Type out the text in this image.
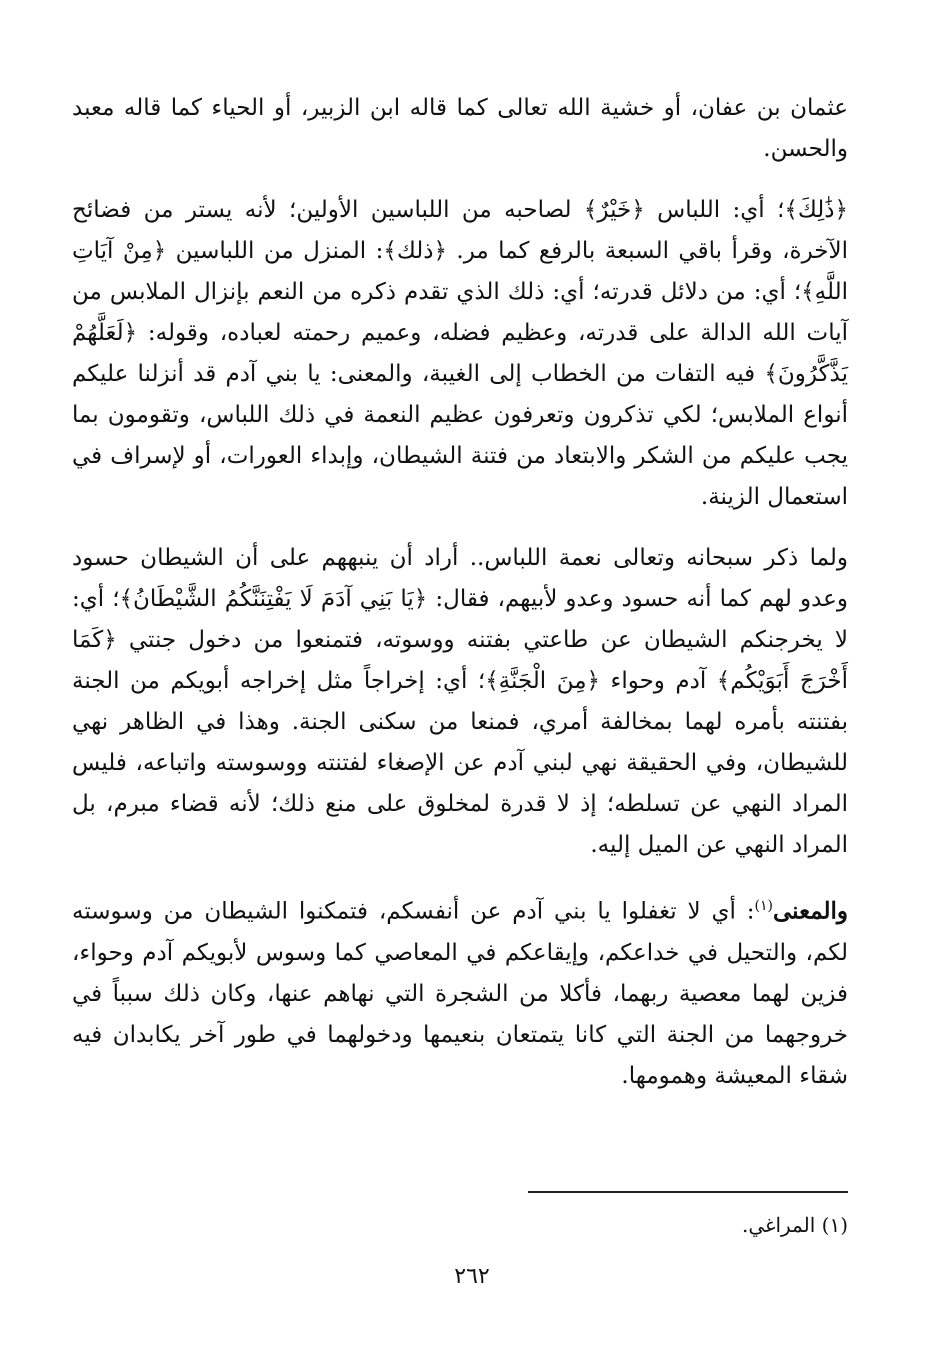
عثمان بن عفان، أو خشية الله تعالى كما قاله ابن الزبير، أو الحياء كما قاله معبد والحسن.

﴿ذَٰلِكَ﴾؛ أي: اللباس ﴿خَيْرٌ﴾ لصاحبه من اللباسين الأولين؛ لأنه يستر من فضائح الآخرة، وقرأ باقي السبعة بالرفع كما مر. ﴿ذلك﴾: المنزل من اللباسين ﴿مِنْ آيَاتِ اللَّهِ﴾؛ أي: من دلائل قدرته؛ أي: ذلك الذي تقدم ذكره من النعم بإنزال الملابس من آيات الله الدالة على قدرته، وعظيم فضله، وعميم رحمته لعباده، وقوله: ﴿لَعَلَّهُمْ يَذَّكَّرُونَ﴾ فيه التفات من الخطاب إلى الغيبة، والمعنى: يا بني آدم قد أنزلنا عليكم أنواع الملابس؛ لكي تذكرون وتعرفون عظيم النعمة في ذلك اللباس، وتقومون بما يجب عليكم من الشكر والابتعاد من فتنة الشيطان، وإبداء العورات، أو لإسراف في استعمال الزينة.

ولما ذكر سبحانه وتعالى نعمة اللباس.. أراد أن ينبههم على أن الشيطان حسود وعدو لهم كما أنه حسود وعدو لأبيهم، فقال: ﴿يَا بَنِي آدَمَ لَا يَفْتِنَنَّكُمُ الشَّيْطَانُ﴾؛ أي: لا يخرجنكم الشيطان عن طاعتي بفتنه ووسوته، فتمنعوا من دخول جنتي ﴿كَمَا أَخْرَجَ أَبَوَيْكُم﴾ آدم وحواء ﴿مِنَ الْجَنَّةِ﴾؛ أي: إخراجاً مثل إخراجه أبويكم من الجنة بفتنته بأمره لهما بمخالفة أمري، فمنعا من سكنى الجنة. وهذا في الظاهر نهي للشيطان، وفي الحقيقة نهي لبني آدم عن الإصغاء لفتنته ووسوسته واتباعه، فليس المراد النهي عن تسلطه؛ إذ لا قدرة لمخلوق على منع ذلك؛ لأنه قضاء مبرم، بل المراد النهي عن الميل إليه.

والمعنى$^{(١)}$: أي لا تغفلوا يا بني آدم عن أنفسكم، فتمكنوا الشيطان من وسوسته لكم، والتحيل في خداعكم، وإيقاعكم في المعاصي كما وسوس لأبويكم آدم وحواء، فزين لهما معصية ربهما، فأكلا من الشجرة التي نهاهم عنها، وكان ذلك سبباً في خروجهما من الجنة التي كانا يتمتعان بنعيمها ودخولهما في طور آخر يكابدان فيه شقاء المعيشة وهمومها.

(١) المراغي.
٢٦٢
